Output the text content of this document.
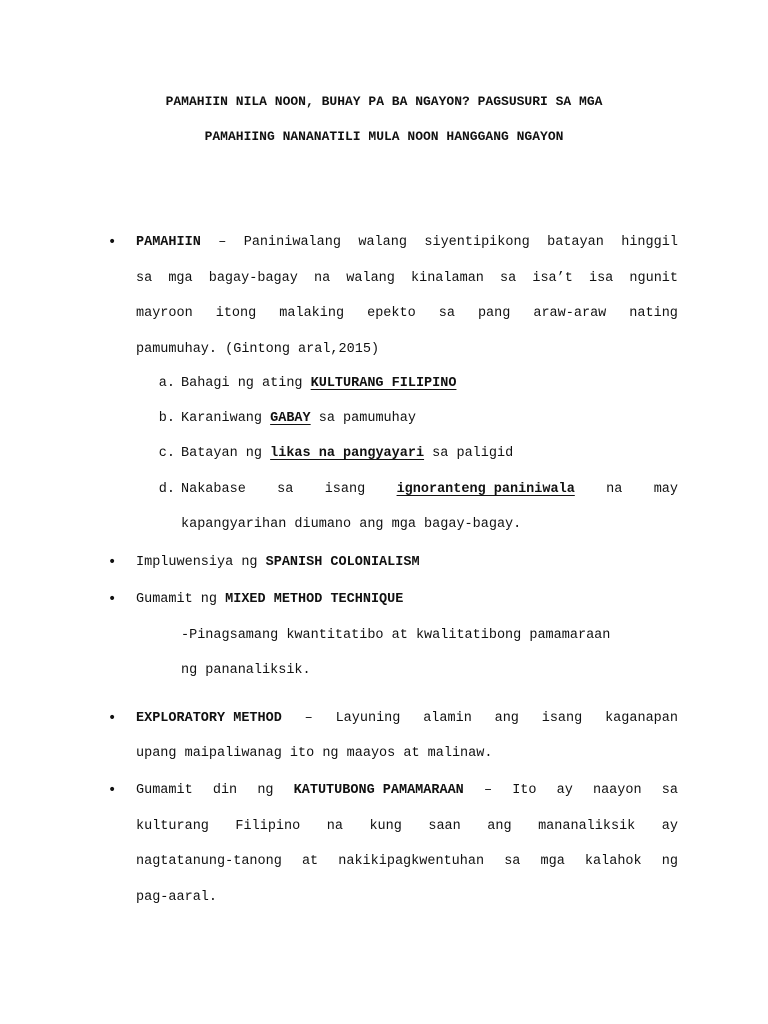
PAMAHIIN NILA NOON, BUHAY PA BA NGAYON? PAGSUSURI SA MGA
PAMAHIING NANANATILI MULA NOON HANGGANG NGAYON
• PAMAHIIN – Paniniwalang walang siyentipikong batayan hinggil
sa mga bagay-bagay na walang kinalaman sa isa’t isa ngunit
mayroon itong malaking epekto sa pang araw-araw nating
pamumuhay. (Gintong aral,2015)
a. Bahagi ng ating KULTURANG FILIPINO
b. Karaniwang GABAY sa pamumuhay
c. Batayan ng likas na pangyayari sa paligid
d. Nakabase sa isang ignoranteng paniniwala na may
kapangyarihan diumano ang mga bagay-bagay.
• Impluwensiya ng SPANISH COLONIALISM
• Gumamit ng MIXED METHOD TECHNIQUE
-Pinagsamang kwantitatibo at kwalitatibong pamamaraan
ng pananaliksik.
• EXPLORATORY METHOD – Layuning alamin ang isang kaganapan
upang maipaliwanag ito ng maayos at malinaw.
• Gumamit din ng KATUTUBONG PAMAMARAAN – Ito ay naayon sa
kulturang Filipino na kung saan ang mananaliksik ay
nagtatanung-tanong at nakikipagkwentuhan sa mga kalahok ng
pag-aaral.
